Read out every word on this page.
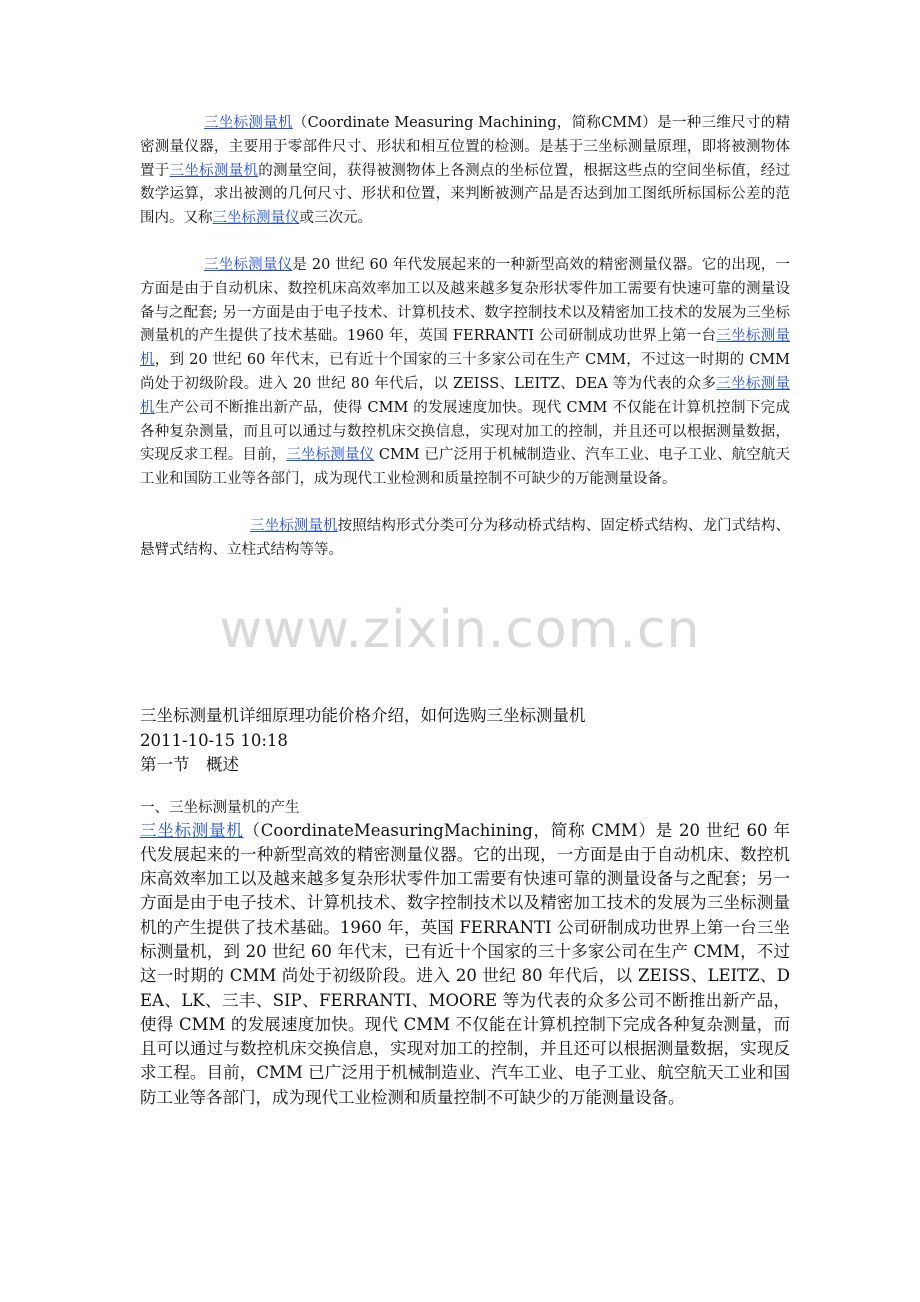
三坐标测量机（Coordinate Measuring Machining，简称CMM）是一种三维尺寸的精密测量仪器，主要用于零部件尺寸、形状和相互位置的检测。是基于三坐标测量原理，即将被测物体置于三坐标测量机的测量空间，获得被测物体上各测点的坐标位置，根据这些点的空间坐标值，经过数学运算，求出被测的几何尺寸、形状和位置，来判断被测产品是否达到加工图纸所标国标公差的范围内。又称三坐标测量仪或三次元。

三坐标测量仪是 20 世纪 60 年代发展起来的一种新型高效的精密测量仪器。它的出现，一方面是由于自动机床、数控机床高效率加工以及越来越多复杂形状零件加工需要有快速可靠的测量设备与之配套; 另一方面是由于电子技术、计算机技术、数字控制技术以及精密加工技术的发展为三坐标测量机的产生提供了技术基础。1960 年，英国 FERRANTI 公司研制成功世界上第一台三坐标测量机，到 20 世纪 60 年代末，已有近十个国家的三十多家公司在生产 CMM，不过这一时期的 CMM 尚处于初级阶段。进入 20 世纪 80 年代后，以 ZEISS、LEITZ、DEA 等为代表的众多三坐标测量机生产公司不断推出新产品，使得 CMM 的发展速度加快。现代 CMM 不仅能在计算机控制下完成各种复杂测量，而且可以通过与数控机床交换信息，实现对加工的控制，并且还可以根据测量数据，实现反求工程。目前，三坐标测量仪 CMM 已广泛用于机械制造业、汽车工业、电子工业、航空航天工业和国防工业等各部门，成为现代工业检测和质量控制不可缺少的万能测量设备。

三坐标测量机按照结构形式分类可分为移动桥式结构、固定桥式结构、龙门式结构、悬臂式结构、立柱式结构等等。

www.zixin.com.cn

三坐标测量机详细原理功能价格介绍，如何选购三坐标测量机

2011-10-15 10:18

第一节　概述

一、三坐标测量机的产生

三坐标测量机（CoordinateMeasuringMachining，简称 CMM）是 20 世纪 60 年代发展起来的一种新型高效的精密测量仪器。它的出现，一方面是由于自动机床、数控机床高效率加工以及越来越多复杂形状零件加工需要有快速可靠的测量设备与之配套；另一方面是由于电子技术、计算机技术、数字控制技术以及精密加工技术的发展为三坐标测量机的产生提供了技术基础。1960 年，英国 FERRANTI 公司研制成功世界上第一台三坐标测量机，到 20 世纪 60 年代末，已有近十个国家的三十多家公司在生产 CMM，不过这一时期的 CMM 尚处于初级阶段。进入 20 世纪 80 年代后，以 ZEISS、LEITZ、DEA、LK、三丰、SIP、FERRANTI、MOORE 等为代表的众多公司不断推出新产品，使得 CMM 的发展速度加快。现代 CMM 不仅能在计算机控制下完成各种复杂测量，而且可以通过与数控机床交换信息，实现对加工的控制，并且还可以根据测量数据，实现反求工程。目前，CMM 已广泛用于机械制造业、汽车工业、电子工业、航空航天工业和国防工业等各部门，成为现代工业检测和质量控制不可缺少的万能测量设备。
